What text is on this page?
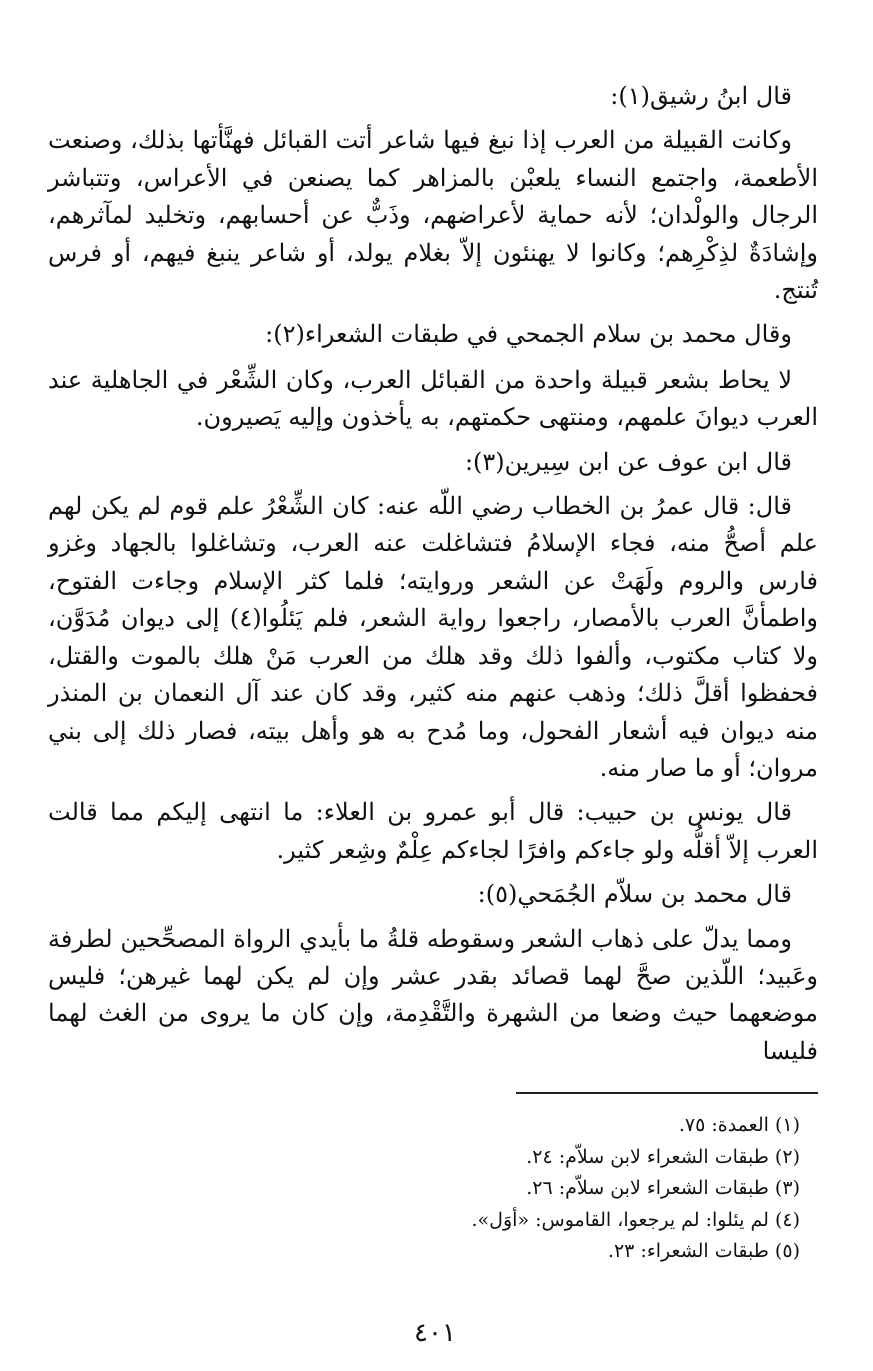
قال ابنُ رشيق(١):

وكانت القبيلة من العرب إذا نبغ فيها شاعر أتت القبائل فهنَّأتها بذلك، وصنعت الأطعمة، واجتمع النساء يلعبْن بالمزاهر كما يصنعن في الأعراس، وتتباشر الرجال والولْدان؛ لأنه حماية لأعراضهم، وذَبٌّ عن أحسابهم، وتخليد لمآثرهم، وإشادَةٌ لذِكْرِهم؛ وكانوا لا يهنئون إلاّ بغلام يولد، أو شاعر ينبغ فيهم، أو فرس تُنتج.

وقال محمد بن سلام الجمحي في طبقات الشعراء(٢):

لا يحاط بشعر قبيلة واحدة من القبائل العرب، وكان الشِّعْر في الجاهلية عند العرب ديوانَ علمهم، ومنتهى حكمتهم، به يأخذون وإليه يَصيرون.

قال ابن عوف عن ابن سِيرين(٣):

قال: قال عمرُ بن الخطاب رضي اللّه عنه: كان الشِّعْرُ علم قوم لم يكن لهم علم أصحُّ منه، فجاء الإسلامُ فتشاغلت عنه العرب، وتشاغلوا بالجهاد وغزو فارس والروم ولَهَتْ عن الشعر وروايته؛ فلما كثر الإسلام وجاءت الفتوح، واطمأنَّ العرب بالأمصار، راجعوا رواية الشعر، فلم يَئلُوا(٤) إلى ديوان مُدَوَّن، ولا كتاب مكتوب، وألفوا ذلك وقد هلك من العرب مَنْ هلك بالموت والقتل، فحفظوا أقلَّ ذلك؛ وذهب عنهم منه كثير، وقد كان عند آل النعمان بن المنذر منه ديوان فيه أشعار الفحول، وما مُدح به هو وأهل بيته، فصار ذلك إلى بني مروان؛ أو ما صار منه.

قال يونس بن حبيب: قال أبو عمرو بن العلاء: ما انتهى إليكم مما قالت العرب إلاّ أقلُّه ولو جاءكم وافرًا لجاءكم عِلْمٌ وشِعر كثير.

قال محمد بن سلاّم الجُمَحي(٥):

ومما يدلّ على ذهاب الشعر وسقوطه قلةُ ما بأيدي الرواة المصحِّحين لطرفة وعَبيد؛ اللّذين صحَّ لهما قصائد بقدر عشر وإن لم يكن لهما غيرهن؛ فليس موضعهما حيث وضعا من الشهرة والتَّقْدِمة، وإن كان ما يروى من الغث لهما فليسا

(١) العمدة: ٧٥.

(٢) طبقات الشعراء لابن سلاّم: ٢٤.

(٣) طبقات الشعراء لابن سلاّم: ٢٦.

(٤) لم يئلوا: لم يرجعوا، القاموس: «أوَل».

(٥) طبقات الشعراء: ٢٣.

٤٠١
